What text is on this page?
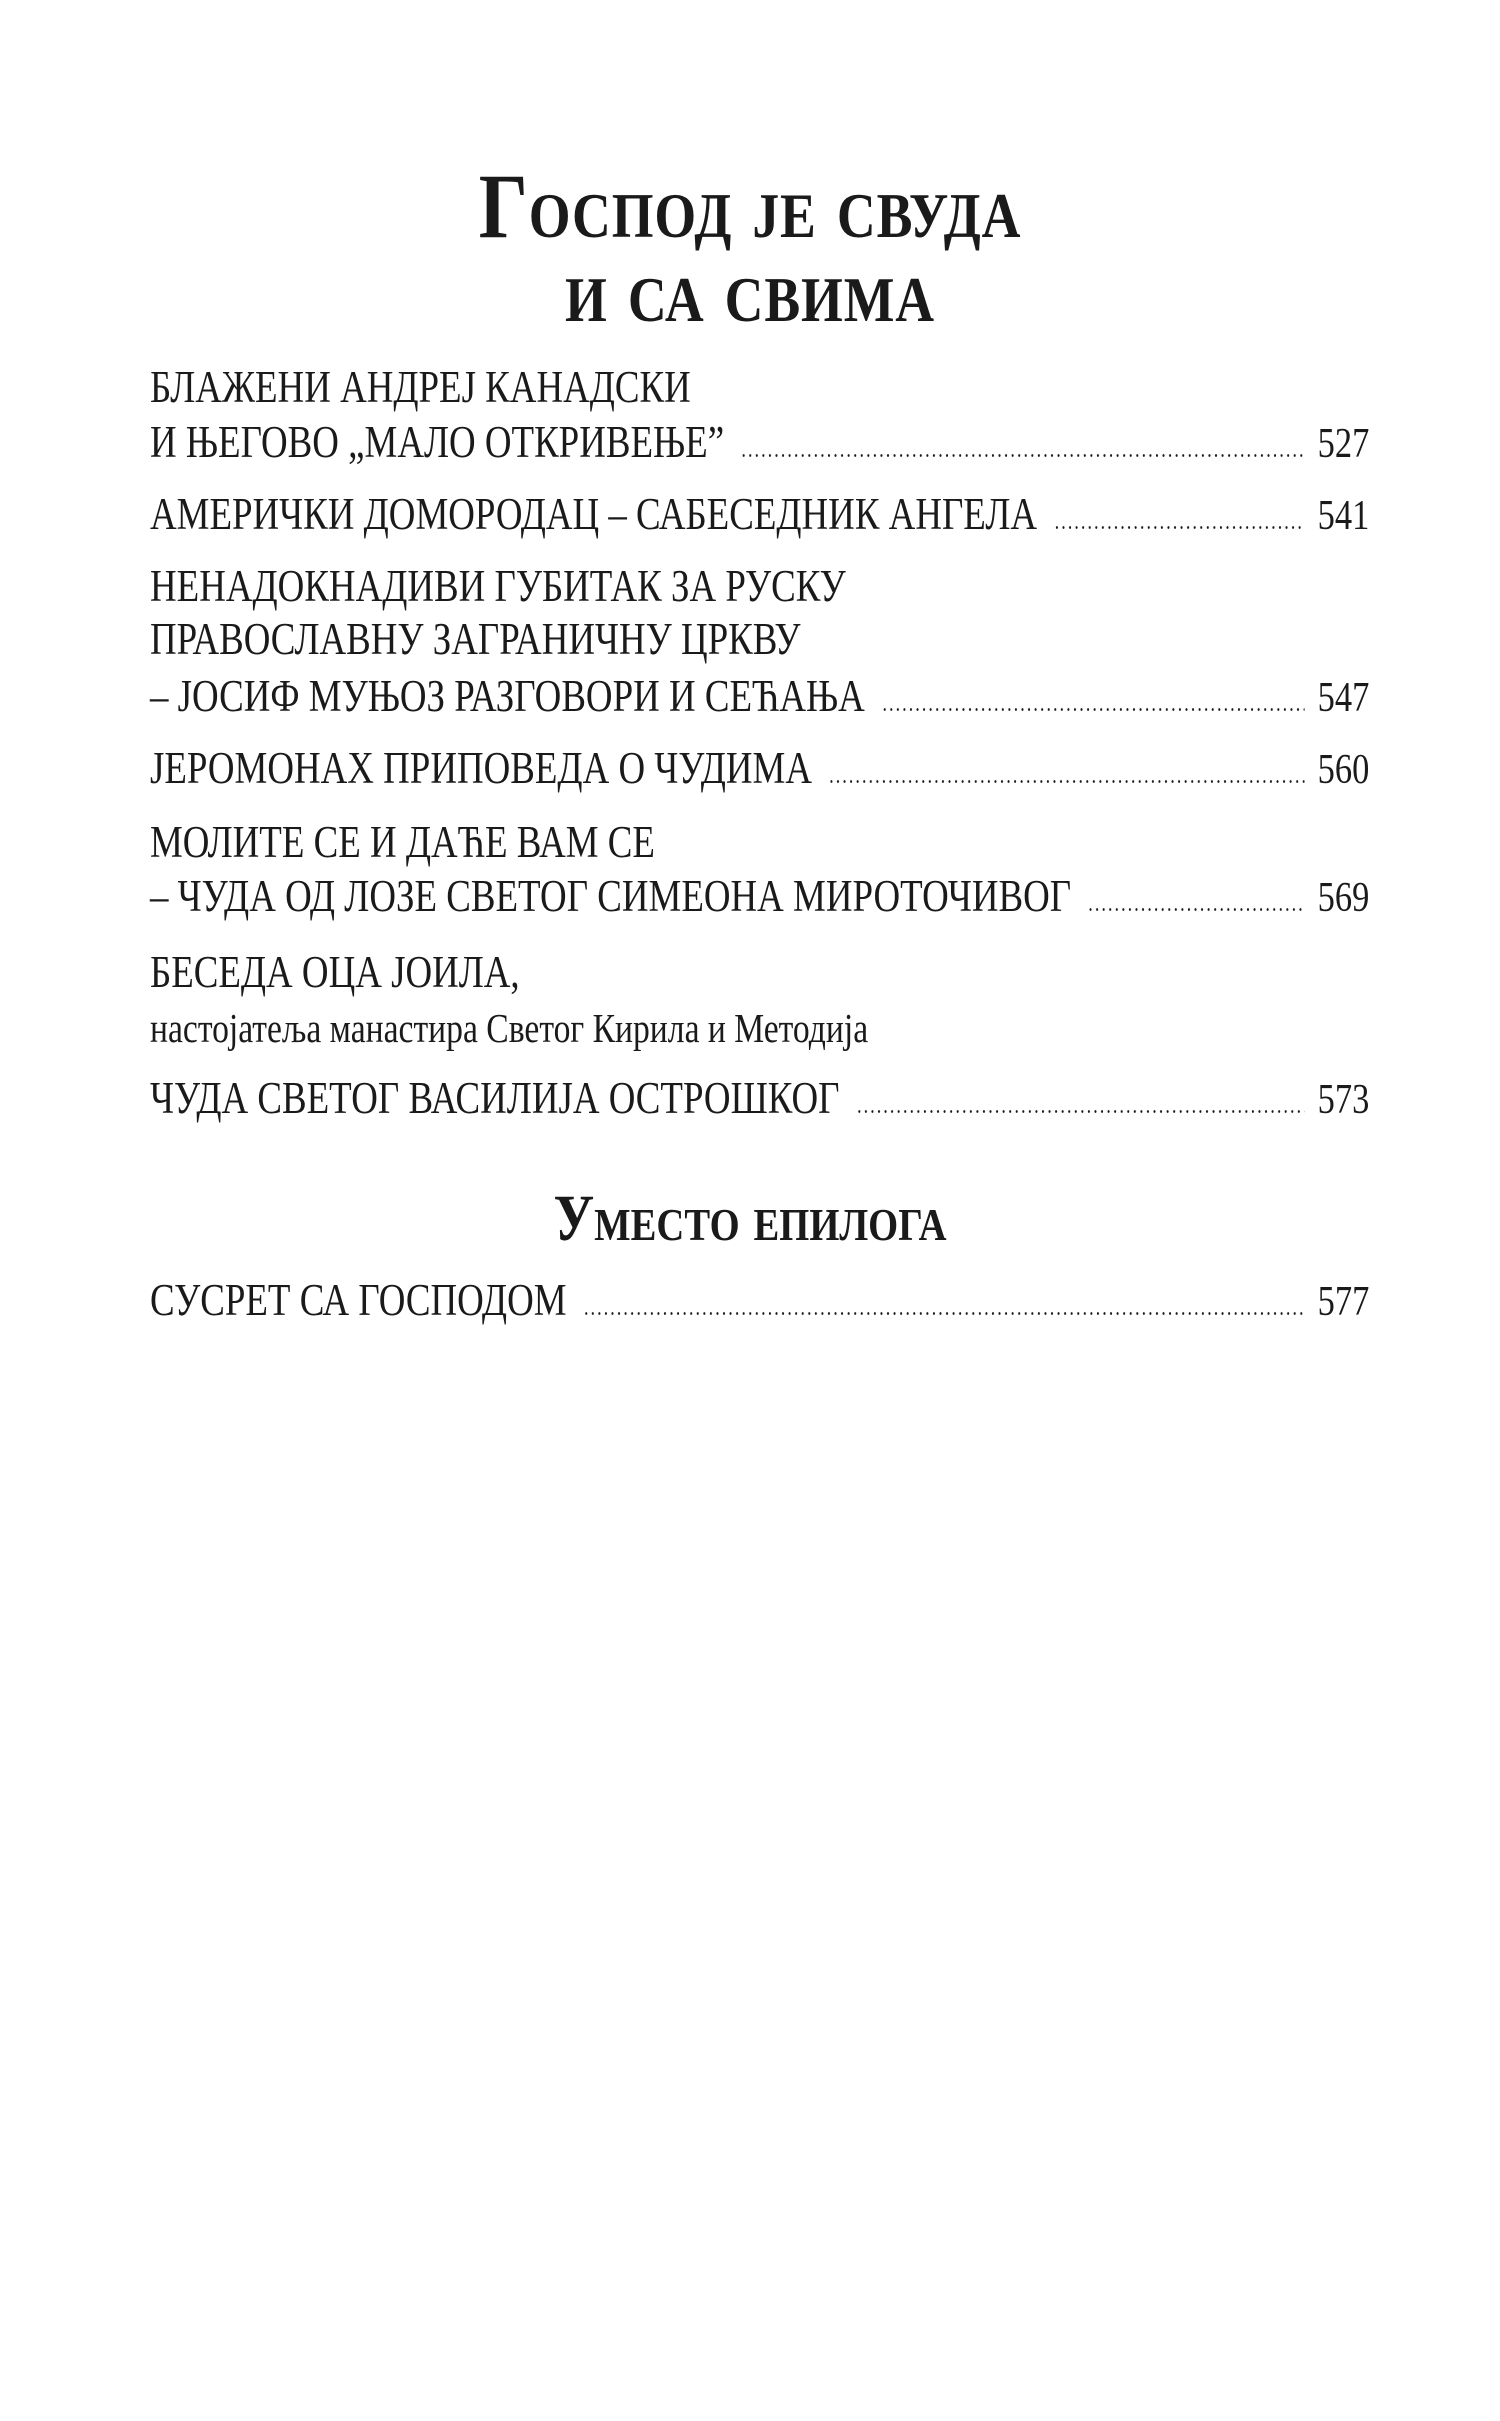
Господ је свуда
и са свима
БЛАЖЕНИ АНДРЕЈ КАНАДСКИ
И ЊЕГОВО „МАЛО ОТКРИВЕЊЕ”	527
АМЕРИЧКИ ДОМОРОДАЦ – САБЕСЕДНИК АНГЕЛА	541
НЕНАДОКНАДИВИ ГУБИТАК ЗА РУСКУ
ПРАВОСЛАВНУ ЗАГРАНИЧНУ ЦРКВУ
– ЈОСИФ МУЊОЗ РАЗГОВОРИ И СЕЋАЊА	547
ЈЕРОМОНАХ ПРИПОВЕДА О ЧУДИМА	560
МОЛИТЕ СЕ И ДАЋЕ ВАМ СЕ
– ЧУДА ОД ЛОЗЕ СВЕТОГ СИМЕОНА МИРОТОЧИВОГ	569
БЕСЕДА ОЦА ЈОИЛА,
настојатеља манастира Светог Кирила и Методија
ЧУДА СВЕТОГ ВАСИЛИЈА ОСТРОШКОГ	573
Уместо епилога
СУСРЕТ СА ГОСПОДОМ	577
